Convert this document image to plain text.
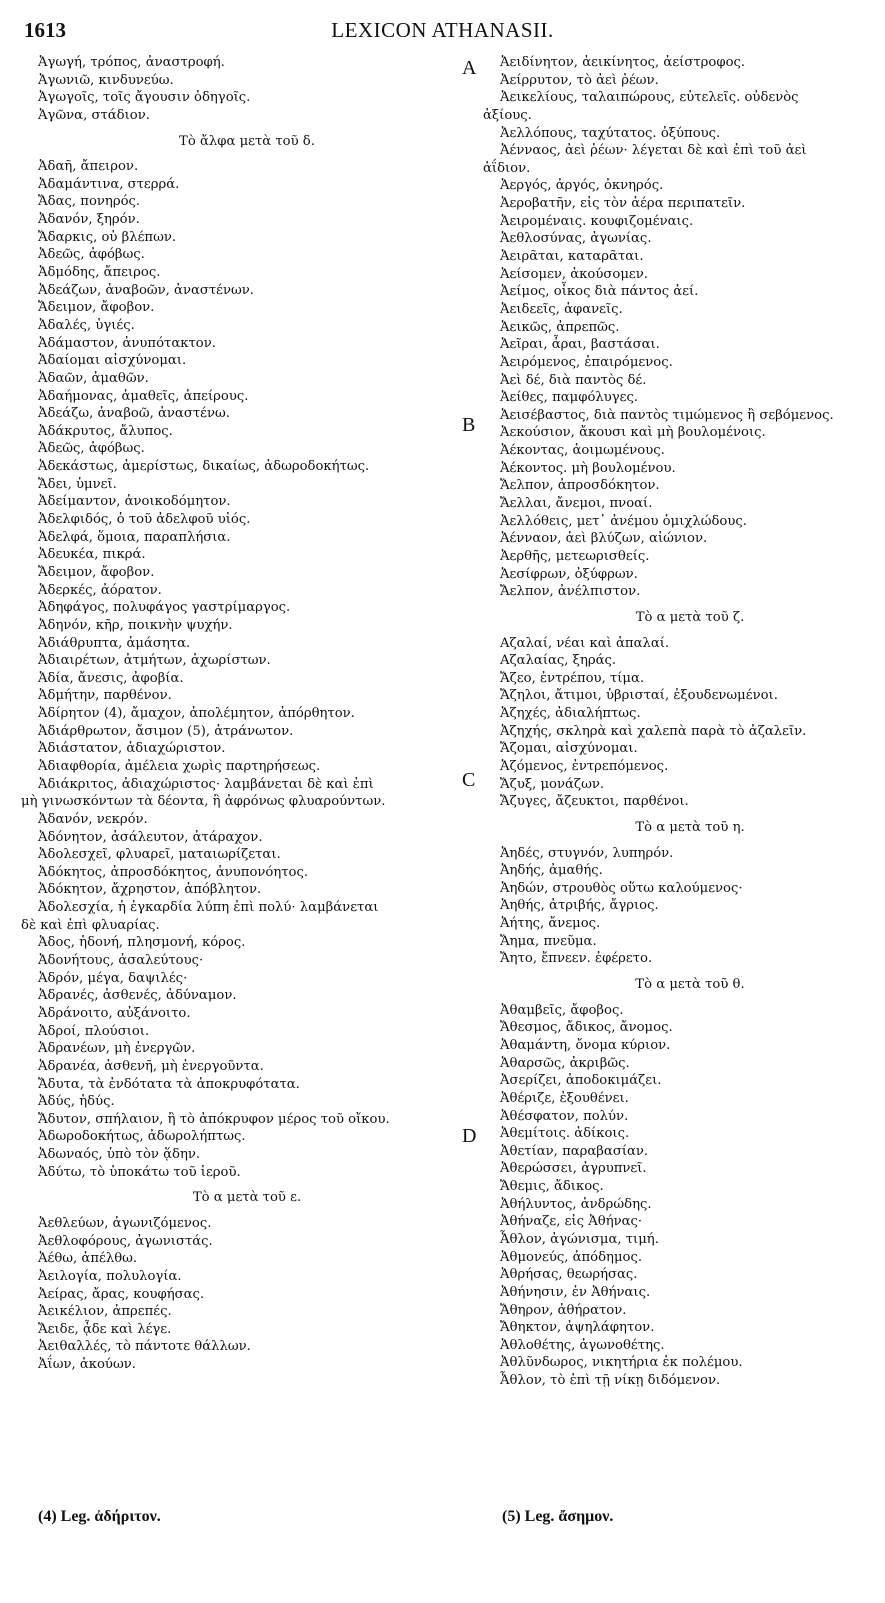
1613	LEXICON ATHANASII.
Ἀγωγή, τρόπος, ἀναστροφή.
Ἀγωνιῶ, κινδυνεύω.
Ἀγωγοῖς, τοῖς ἄγουσιν ὁδηγοῖς.
Ἀγῶνα, στάδιον.
Τὸ ἄλφα μετὰ τοῦ δ.
Ἀδαῆ, ἄπειρον.
Ἀδαμάντινα, στερρά.
Ἄδας, πονηρός.
Ἀδανόν, ξηρόν.
Ἄδαρκις, οὐ βλέπων.
Ἀδεῶς, ἀφόβως.
Ἀδμόδης, ἄπειρος.
Ἀδεάζων, ἀναβοῶν, ἀναστένων.
Ἄδειμον, ἄφοβον.
Ἀδαλές, ὑγιές.
Ἀδάμαστον, ἀνυπότακτον.
Ἀδαίομαι αἰσχύνομαι.
Ἀδαῶν, ἀμαθῶν.
Ἀδαήμονας, ἀμαθεῖς, ἀπείρους.
Ἀδεάζω, ἀναβοῶ, ἀναστένω.
Ἀδάκρυτος, ἄλυπος.
Ἀδεῶς, ἀφόβως.
Ἀδεκάστως, ἀμερίστως, δικαίως, ἀδωροδοκήτως.
Ἄδει, ὑμνεῖ.
Ἀδείμαντον, ἀνοικοδόμητον.
Ἀδελφιδός, ὁ τοῦ ἀδελφοῦ υἱός.
Ἀδελφά, ὅμοια, παραπλήσια.
Ἀδευκέα, πικρά.
Ἄδειμον, ἄφοβον.
Ἀδερκές, ἀόρατον.
Ἀδηφάγος, πολυφάγος γαστρίμαργος.
Ἀδηνόν, κῆρ, ποικνὴν ψυχήν.
Ἀδιάθρυπτα, ἀμάσητα.
Ἀδιαιρέτων, ἀτμήτων, ἀχωρίστων.
Ἀδία, ἄνεσις, ἀφοβία.
Ἀδμήτην, παρθένον.
Ἀδίρητον (4), ἄμαχον, ἀπολέμητον, ἀπόρθητον.
Ἀδιάρθρωτον, ἄσιμον (5), ἀτράνωτον.
Ἀδιάστατον, ἀδιαχώριστον.
Ἀδιαφθορία, ἀμέλεια χωρὶς παρτηρήσεως.
Ἀδιάκριτος, ἀδιαχώριστος· λαμβάνεται δὲ καὶ ἐπὶ
μὴ γινωσκόντων τὰ δέοντα, ἢ ἀφρόνως φλυαρούντων.
Ἀδανόν, νεκρόν.
Ἀδόνητον, ἀσάλευτον, ἀτάραχον.
Ἀδολεσχεῖ, φλυαρεῖ, ματαιωρίζεται.
Ἀδόκητος, ἀπροσδόκητος, ἀνυπονόητος.
Ἀδόκητον, ἄχρηστον, ἀπόβλητον.
Ἀδολεσχία, ἡ ἐγκαρδία λύπη ἐπὶ πολύ· λαμβάνεται
δὲ καὶ ἐπὶ φλυαρίας.
Ἀδος, ἡδονή, πλησμονή, κόρος.
Ἀδονήτους, ἀσαλεύτους·
Ἀδρόν, μέγα, δαψιλές·
Ἀδρανές, ἀσθενές, ἀδύναμον.
Ἀδράνοιτο, αὐξάνοιτο.
Ἀδροί, πλούσιοι.
Ἀδρανέων, μὴ ἐνεργῶν.
Ἀδρανέα, ἀσθενῆ, μὴ ἐνεργοῦντα.
Ἄδυτα, τὰ ἐνδότατα τὰ ἀποκρυφότατα.
Ἀδύς, ἡδύς.
Ἄδυτον, σπήλαιον, ἢ τὸ ἀπόκρυφον μέρος τοῦ οἴκου.
Ἀδωροδοκήτως, ἀδωρολήπτως.
Ἀδωναός, ὑπὸ τὸν ᾅδην.
Ἀδύτω, τὸ ὑποκάτω τοῦ ἱεροῦ.
Τὸ α μετὰ τοῦ ε.
Ἀεθλεύων, ἀγωνιζόμενος.
Ἀεθλοφόρους, ἀγωνιστάς.
Ἀέθω, ἀπέλθω.
Ἀειλογία, πολυλογία.
Ἀείρας, ἄρας, κουφήσας.
Ἀεικέλιον, ἀπρεπές.
Ἄειδε, ᾆδε καὶ λέγε.
Ἀειθαλλές, τὸ πάντοτε θάλλων.
Ἀΐων, ἀκούων.
Ἀειδίνητον, ἀεικίνητος, ἀείστροφος.
Ἀείρρυτον, τὸ ἀεὶ ῥέων.
Ἀεικελίους, ταλαιπώρους, εὐτελεῖς. οὐδενὸς
ἀξίους.
Ἀελλόπους, ταχύτατος. ὀξύπους.
Ἀένναος, ἀεὶ ῥέων· λέγεται δὲ καὶ ἐπὶ τοῦ ἀεὶ
ἀΐδιον.
Ἀεργός, ἀργός, ὀκνηρός.
Ἀεροβατῆν, εἰς τὸν ἀέρα περιπατεῖν.
Ἀειρομέναις. κουφιζομέναις.
Ἀεθλοσύνας, ἀγωνίας.
Ἀειρᾶται, καταρᾶται.
Ἀείσομεν, ἀκούσομεν.
Ἀείμος, οἶκος διὰ πάντος ἀεί.
Ἀειδεεῖς, ἀφανεῖς.
Ἀεικῶς, ἀπρεπῶς.
Ἀεῖραι, ἆραι, βαστάσαι.
Ἀειρόμενος, ἐπαιρόμενος.
Ἀεὶ δέ, διὰ παντὸς δέ.
Ἀείθες, παμφόλυγες.
Ἀεισέβαστος, διὰ παντὸς τιμώμενος ἢ σεβόμενος.
Ἀεκούσιον, ἄκουσι καὶ μὴ βουλομένοις.
Ἀέκοντας, ἀοιμωμένους.
Ἀέκοντος. μὴ βουλομένου.
Ἄελπον, ἀπροσδόκητον.
Ἄελλαι, ἄνεμοι, πνοαί.
Ἀελλόθεις, μετ᾿ ἀνέμου ὁμιχλώδους.
Ἀένναον, ἀεὶ βλύζων, αἰώνιον.
Ἀερθῆς, μετεωρισθείς.
Ἀεσίφρων, ὀξύφρων.
Ἄελπον, ἀνέλπιστον.
Τὸ α μετὰ τοῦ ζ.
Αζαλαί, νέαι καὶ ἁπαλαί.
Αζαλαίας, ξηράς.
Ἄζεο, ἐντρέπου, τίμα.
Ἄζηλοι, ἄτιμοι, ὑβρισταί, ἐξουδενωμένοι.
Ἀζηχές, ἀδιαλήπτως.
Ἀζηχής, σκληρὰ καὶ χαλεπὰ παρὰ τὸ ἀζαλεῖν.
Ἄζομαι, αἰσχύνομαι.
Ἀζόμενος, ἐντρεπόμενος.
Ἄζυξ, μονάζων.
Ἄζυγες, ἄζευκτοι, παρθένοι.
Τὸ α μετὰ τοῦ η.
Ἀηδές, στυγνόν, λυπηρόν.
Ἀηδής, ἀμαθής.
Ἀηδών, στρουθὸς οὕτω καλούμενος·
Ἀηθής, ἀτριβής, ἄγριος.
Ἀήτης, ἄνεμος.
Ἄημα, πνεῦμα.
Ἄητο, ἔπνεεν. ἐφέρετο.
Τὸ α μετὰ τοῦ θ.
Ἀθαμβεῖς, ἄφοβος.
Ἄθεσμος, ἄδικος, ἄνομος.
Ἀθαμάντη, ὄνομα κύριον.
Ἀθαρσῶς, ἀκριβῶς.
Ἀσερίζει, ἀποδοκιμάζει.
Ἀθέριζε, ἐξουθένει.
Ἀθέσφατον, πολύν.
Ἀθεμίτοις. ἀδίκοις.
Ἀθετίαν, παραβασίαν.
Ἀθερώσσει, ἀγρυπνεῖ.
Ἄθεμις, ἄδικος.
Ἀθήλυντος, ἀνδρώδης.
Ἀθήναζε, εἰς Ἀθήνας·
Ἆθλον, ἀγώνισμα, τιμή.
Ἀθμονεύς, ἀπόδημος.
Ἀθρήσας, θεωρήσας.
Ἀθήνησιν, ἐν Ἀθήναις.
Ἄθηρον, ἀθήρατον.
Ἄθηκτον, ἀψηλάφητον.
Ἀθλοθέτης, ἀγωνοθέτης.
Ἀθλῦνδωρος, νικητήρια ἐκ πολέμου.
Ἆθλον, τὸ ἐπὶ τῇ νίκῃ διδόμενον.
A
B
C
D
(4) Leg. ἀδήριτον.	(5) Leg. ἄσημον.
